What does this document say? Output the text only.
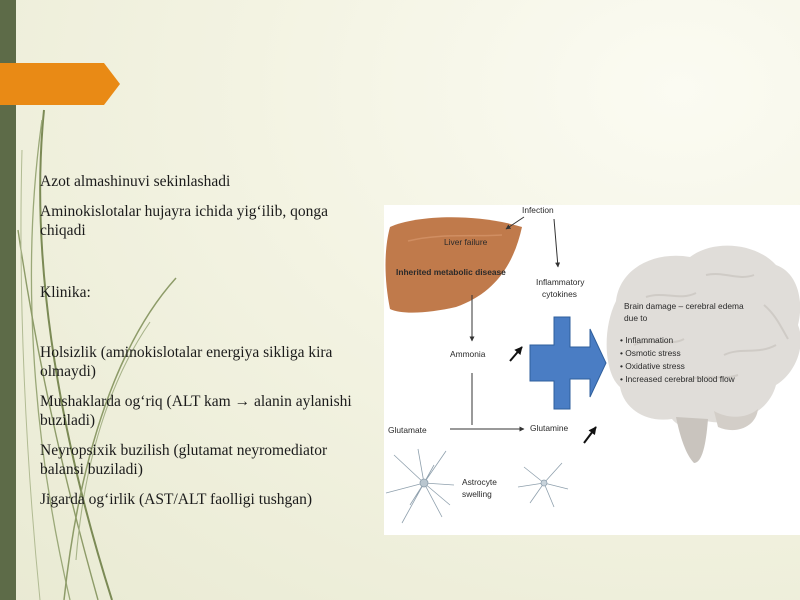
Azot almashinuvi sekinlashadi

Aminokislotalar hujayra ichida yig‘ilib, qonga chiqadi

Klinika:

Holsizlik (aminokislotalar energiya sikliga kira olmaydi)

Mushaklarda og‘riq (ALT kam → alanin aylanishi buziladi)

Neyropsixik buzilish (glutamat neyromediator balansi buziladi)

Jigarda og‘irlik (AST/ALT faolligi tushgan)

Liver failure
Inherited metabolic disease
Infection
Inflammatory
cytokines
Ammonia
Glutamate	Glutamine
Astrocyte
swelling
Brain damage – cerebral edema
due to
• Inflammation
• Osmotic stress
• Oxidative stress
• Increased cerebral blood flow
